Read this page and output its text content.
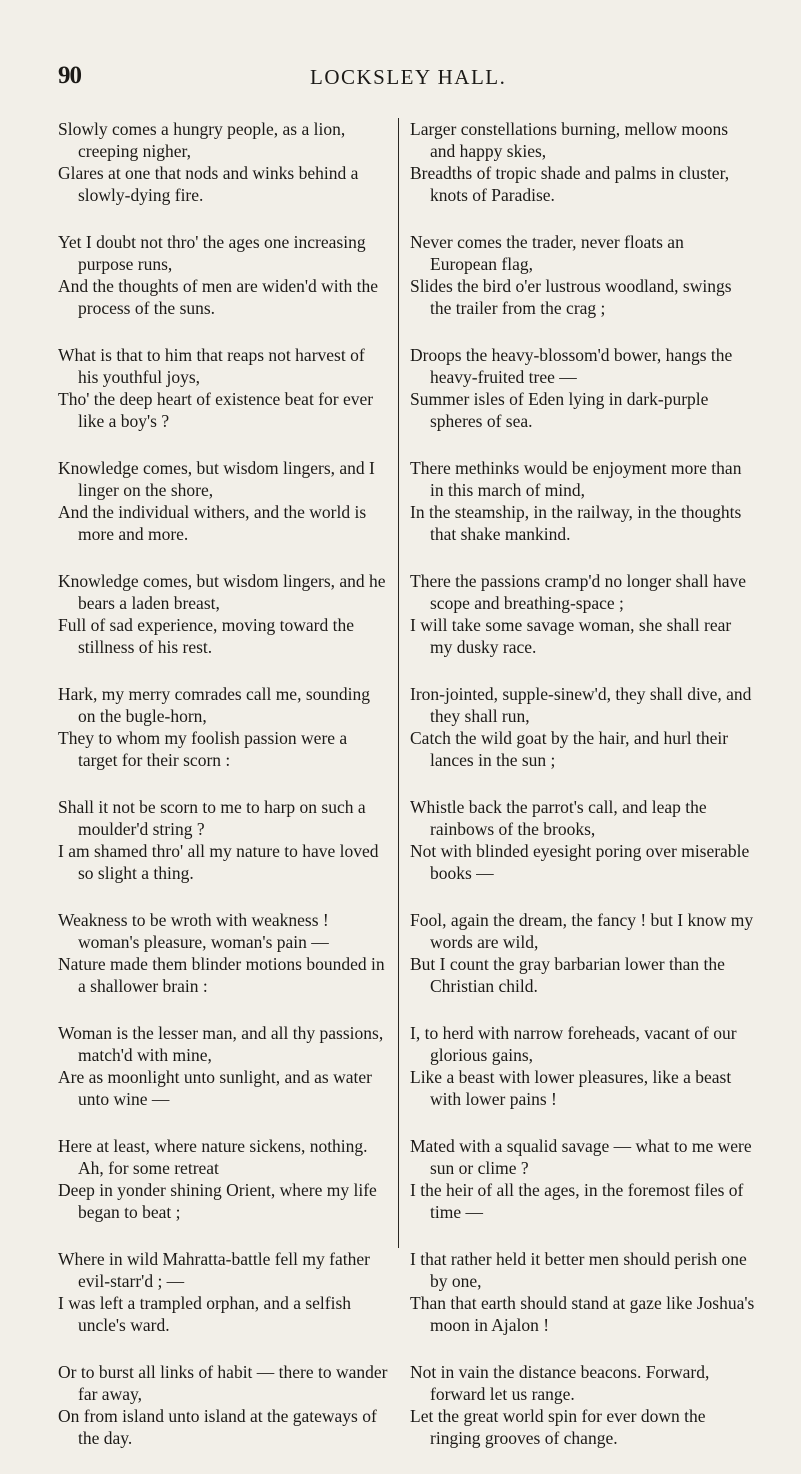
90	LOCKSLEY HALL.
Slowly comes a hungry people, as a lion, creeping nigher,
Glares at one that nods and winks behind a slowly-dying fire.
Yet I doubt not thro' the ages one increasing purpose runs,
And the thoughts of men are widen'd with the process of the suns.
What is that to him that reaps not harvest of his youthful joys,
Tho' the deep heart of existence beat for ever like a boy's ?
Knowledge comes, but wisdom lingers, and I linger on the shore,
And the individual withers, and the world is more and more.
Knowledge comes, but wisdom lingers, and he bears a laden breast,
Full of sad experience, moving toward the stillness of his rest.
Hark, my merry comrades call me, sounding on the bugle-horn,
They to whom my foolish passion were a target for their scorn :
Shall it not be scorn to me to harp on such a moulder'd string ?
I am shamed thro' all my nature to have loved so slight a thing.
Weakness to be wroth with weakness ! woman's pleasure, woman's pain —
Nature made them blinder motions bounded in a shallower brain :
Woman is the lesser man, and all thy passions, match'd with mine,
Are as moonlight unto sunlight, and as water unto wine —
Here at least, where nature sickens, nothing. Ah, for some retreat
Deep in yonder shining Orient, where my life began to beat ;
Where in wild Mahratta-battle fell my father evil-starr'd ; —
I was left a trampled orphan, and a selfish uncle's ward.
Or to burst all links of habit — there to wander far away,
On from island unto island at the gateways of the day.
Larger constellations burning, mellow moons and happy skies,
Breadths of tropic shade and palms in cluster, knots of Paradise.
Never comes the trader, never floats an European flag,
Slides the bird o'er lustrous woodland, swings the trailer from the crag ;
Droops the heavy-blossom'd bower, hangs the heavy-fruited tree —
Summer isles of Eden lying in dark-purple spheres of sea.
There methinks would be enjoyment more than in this march of mind,
In the steamship, in the railway, in the thoughts that shake mankind.
There the passions cramp'd no longer shall have scope and breathing-space ;
I will take some savage woman, she shall rear my dusky race.
Iron-jointed, supple-sinew'd, they shall dive, and they shall run,
Catch the wild goat by the hair, and hurl their lances in the sun ;
Whistle back the parrot's call, and leap the rainbows of the brooks,
Not with blinded eyesight poring over miserable books —
Fool, again the dream, the fancy ! but I know my words are wild,
But I count the gray barbarian lower than the Christian child.
I, to herd with narrow foreheads, vacant of our glorious gains,
Like a beast with lower pleasures, like a beast with lower pains !
Mated with a squalid savage — what to me were sun or clime ?
I the heir of all the ages, in the foremost files of time —
I that rather held it better men should perish one by one,
Than that earth should stand at gaze like Joshua's moon in Ajalon !
Not in vain the distance beacons. Forward, forward let us range.
Let the great world spin for ever down the ringing grooves of change.
